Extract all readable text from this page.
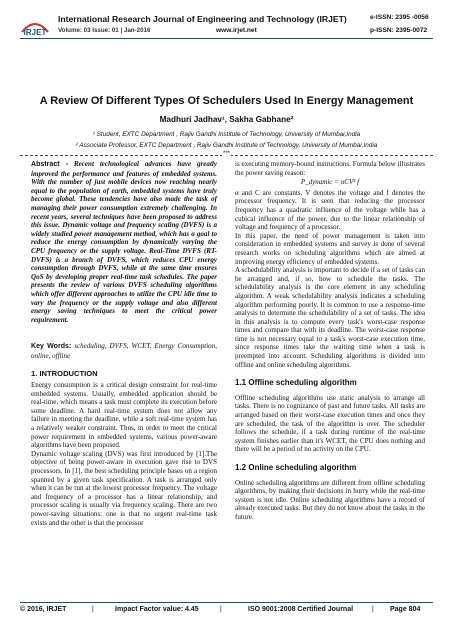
IRJET
International Research Journal of Engineering and Technology (IRJET)	e-ISSN: 2395 -0056
Volume: 03 Issue: 01 | Jan-2016	www.irjet.net	p-ISSN: 2395-0072
A Review Of Different Types Of Schedulers Used In Energy Management
Madhuri Jadhav¹, Sakha Gabhane²
¹ Student, EXTC Department , Rajiv Gandhi Institute of Technology, University of Mumbai,India
² Associate Professor, EXTC Department , Rajiv Gandhi Institute of Technology, University of Mumbai,India
***

Abstract - Recent technological advances have greatly improved the performance and features of embedded systems. With the number of just mobile devices now reaching nearly equal to the population of earth, embedded systems have truly become global. These tendencies have also made the task of managing their power consumption extremely challenging. In recent years, several techniques have been proposed to address this issue. Dynamic voltage and frequency scaling (DVFS) is a widely studied power management method, which has a goal to reduce the energy consumption by dynamically varying the CPU frequency or the supply voltage. Real-Time DVFS (RT-DVFS) is a branch of DVFS, which reduces CPU energy consumption through DVFS, while at the same time ensures QoS by developing proper real-time task schedules. The paper presents the review of various DVFS scheduling algorithms which offer different approaches to utilize the CPU idle time to vary the frequency or the supply voltage and also different energy saving techniques to meet the critical power requirement.

Key Words: scheduling, DVFS, WCET, Energy Consumption, online, offline

1. INTRODUCTION

Energy consumption is a critical design constraint for real-time embedded systems. Usually, embedded application should be real-time, which means a task must complete its execution before some deadline. A hard real-time system does not allow any failure in meeting the deadline, while a soft real-time system has a relatively weaker constraint. Thus, in order to meet the critical power requirement in embedded systems, various power-aware algorithms have been proposed.

Dynamic voltage scaling (DVS) was first introduced by [1].The objective of being power-aware in execution gave rise to DVS processors. In [1], the best scheduling principle bases on a region spanned by a given task specification. A task is arranged only when it can be run at the lowest processor frequency. The voltage and frequency of a processor has a linear relationship, and processor scaling is usually via frequency scaling. There are two power-saving situations: one is that no urgent real-time task exists and the other is that the processor

is executing memory-bound instructions. Formula below illustrates the power saving reason:

P_dynamic = αCV² f

α and C are constants, V denotes the voltage and f denotes the processor frequency. It is seen that reducing the processor frequency has a quadratic influence of the voltage while has a cubical influence of the power, due to the linear relationship of voltage and frequency of a processor.

In this paper, the need of power management is taken into consideration in embedded systems and survey is done of several research works on scheduling algorithms which are aimed at improving energy efficiency of embedded systems.

A schedulability analysis is important to decide if a set of tasks can be arranged and, if so, how to schedule the tasks. The schedulability analysis is the core element in any scheduling algorithm. A weak schedulability analysis indicates a scheduling algorithm performing poorly. It is common to use a response-time analysis to determine the schedulability of a set of tasks. The idea in this analysis is to compute every task's worst-case response times and compare that with its deadline. The worst-case response time is not necessary equal to a task's worst-case execution time, since response times take the waiting time when a task is preempted into account. Scheduling algorithms is divided into offline and online scheduling algorithms.

1.1 Offline scheduling algorithm

Offline scheduling algorithms use static analysis to arrange all tasks. There is no cognizance of past and future tasks. All tasks are arranged based on their worst-case execution times and once they are scheduled, the task of the algorithm is over. The scheduler follows the schedule, if a task during runtime of the real-time system finishes earlier than it's WCET, the CPU does nothing and there will be a period of no activity on the CPU.

1.2 Online scheduling algorithm

Online scheduling algorithms are different from offline scheduling algorithms, by making their decisions in hurry while the real-time system is not idle. Online scheduling algorithms have a record of already executed tasks. But they do not know about the tasks in the future.

© 2016, IRJET	|	Impact Factor value: 4.45	|	ISO 9001:2008 Certified Journal	| Page 804
